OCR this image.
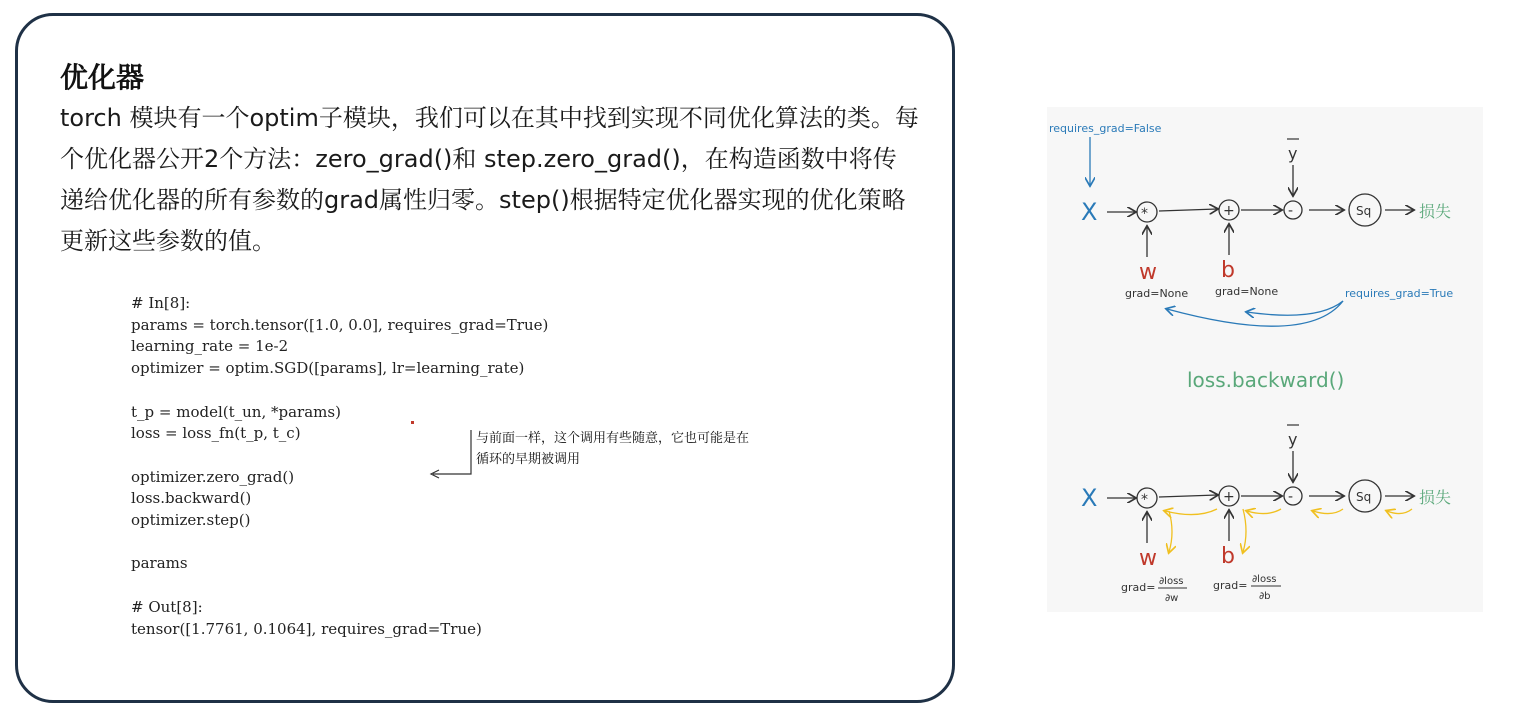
优化器

torch 模块有一个optim子模块，我们可以在其中找到实现不同优化算法的类。每个优化器公开2个方法：zero_grad()和 step.zero_grad()，在构造函数中将传递给优化器的所有参数的grad属性归零。step()根据特定优化器实现的优化策略更新这些参数的值。

# In[8]:
params = torch.tensor([1.0, 0.0], requires_grad=True)
learning_rate = 1e-2
optimizer = optim.SGD([params], lr=learning_rate)

t_p = model(t_un, *params)
loss = loss_fn(t_p, t_c)

optimizer.zero_grad()
loss.backward()
optimizer.step()

params

# Out[8]:
tensor([1.7761, 0.1064], requires_grad=True)
与前面一样，这个调用有些随意，它也可能是在
循环的早期被调用
requires_grad=False
X	*	+	-
y
Sq	损失
w	b
grad=None grad=None	requires_grad=True
loss.backward()
X	*	+	-
y
Sq	损失
w	b
grad= ∂loss
∂w
grad= ∂loss
∂b
